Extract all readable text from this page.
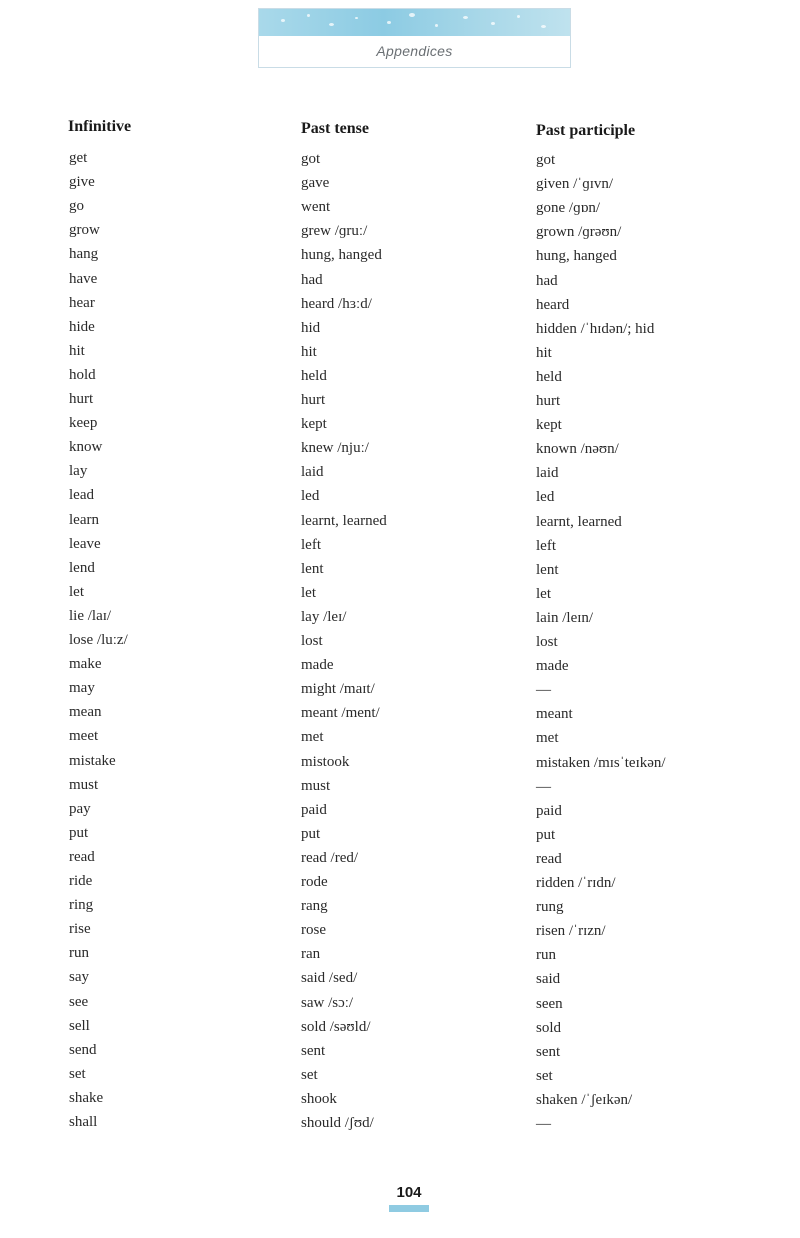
Appendices
Infinitive	Past tense	Past participle
get	got	got
give	gave	given /ˈɡɪvn/
go	went	gone /ɡɒn/
grow	grew /ɡruː/	grown /ɡrəʊn/
hang	hung, hanged	hung, hanged
have	had	had
hear	heard /hɜːd/	heard
hide	hid	hidden /ˈhɪdən/; hid
hit	hit	hit
hold	held	held
hurt	hurt	hurt
keep	kept	kept
know	knew /njuː/	known /nəʊn/
lay	laid	laid
lead	led	led
learn	learnt, learned	learnt, learned
leave	left	left
lend	lent	lent
let	let	let
lie /laɪ/	lay /leɪ/	lain /leɪn/
lose /luːz/	lost	lost
make	made	made
may	might /maɪt/	—
mean	meant /ment/	meant
meet	met	met
mistake	mistook	mistaken /mɪsˈteɪkən/
must	must	—
pay	paid	paid
put	put	put
read	read /red/	read
ride	rode	ridden /ˈrɪdn/
ring	rang	rung
rise	rose	risen /ˈrɪzn/
run	ran	run
say	said /sed/	said
see	saw /sɔː/	seen
sell	sold /səʊld/	sold
send	sent	sent
set	set	set
shake	shook	shaken /ˈʃeɪkən/
shall	should /ʃʊd/	—
104
